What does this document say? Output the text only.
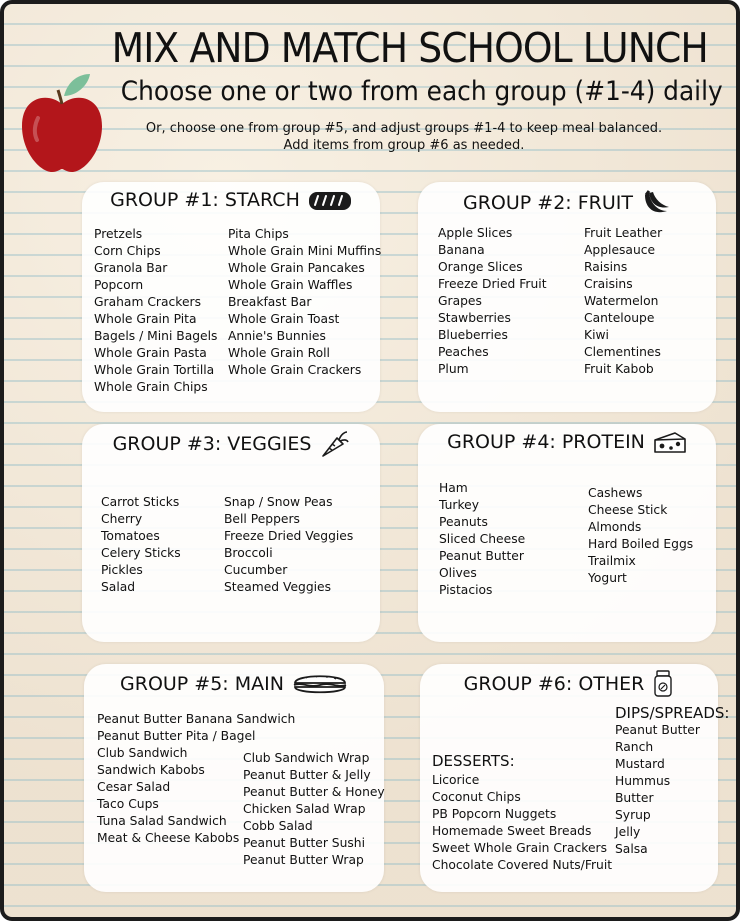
MIX AND MATCH SCHOOL LUNCH
Choose one or two from each group (#1-4) daily
Or, choose one from group #5, and adjust groups #1-4 to keep meal balanced.
Add items from group #6 as needed.
GROUP #1: STARCH
Pretzels
Corn Chips
Granola Bar
Popcorn
Graham Crackers
Whole Grain Pita
Bagels / Mini Bagels
Whole Grain Pasta
Whole Grain Tortilla
Whole Grain Chips
Pita Chips
Whole Grain Mini Muffins
Whole Grain Pancakes
Whole Grain Waffles
Breakfast Bar
Whole Grain Toast
Annie's Bunnies
Whole Grain Roll
Whole Grain Crackers
GROUP #2: FRUIT
Apple Slices
Banana
Orange Slices
Freeze Dried Fruit
Grapes
Stawberries
Blueberries
Peaches
Plum
Fruit Leather
Applesauce
Raisins
Craisins
Watermelon
Canteloupe
Kiwi
Clementines
Fruit Kabob
GROUP #3: VEGGIES
Carrot Sticks
Cherry
Tomatoes
Celery Sticks
Pickles
Salad
Snap / Snow Peas
Bell Peppers
Freeze Dried Veggies
Broccoli
Cucumber
Steamed Veggies
GROUP #4: PROTEIN
Ham
Turkey
Peanuts
Sliced Cheese
Peanut Butter
Olives
Pistacios
Cashews
Cheese Stick
Almonds
Hard Boiled Eggs
Trailmix
Yogurt
GROUP #5: MAIN
Peanut Butter Banana Sandwich
Peanut Butter Pita / Bagel
Club Sandwich
Sandwich Kabobs
Cesar Salad
Taco Cups
Tuna Salad Sandwich
Meat & Cheese Kabobs
Club Sandwich Wrap
Peanut Butter & Jelly
Peanut Butter & Honey
Chicken Salad Wrap
Cobb Salad
Peanut Butter Sushi
Peanut Butter Wrap
GROUP #6: OTHER
DESSERTS:
Licorice
Coconut Chips
PB Popcorn Nuggets
Homemade Sweet Breads
Sweet Whole Grain Crackers
Chocolate Covered Nuts/Fruit
DIPS/SPREADS:
Peanut Butter
Ranch
Mustard
Hummus
Butter
Syrup
Jelly
Salsa
